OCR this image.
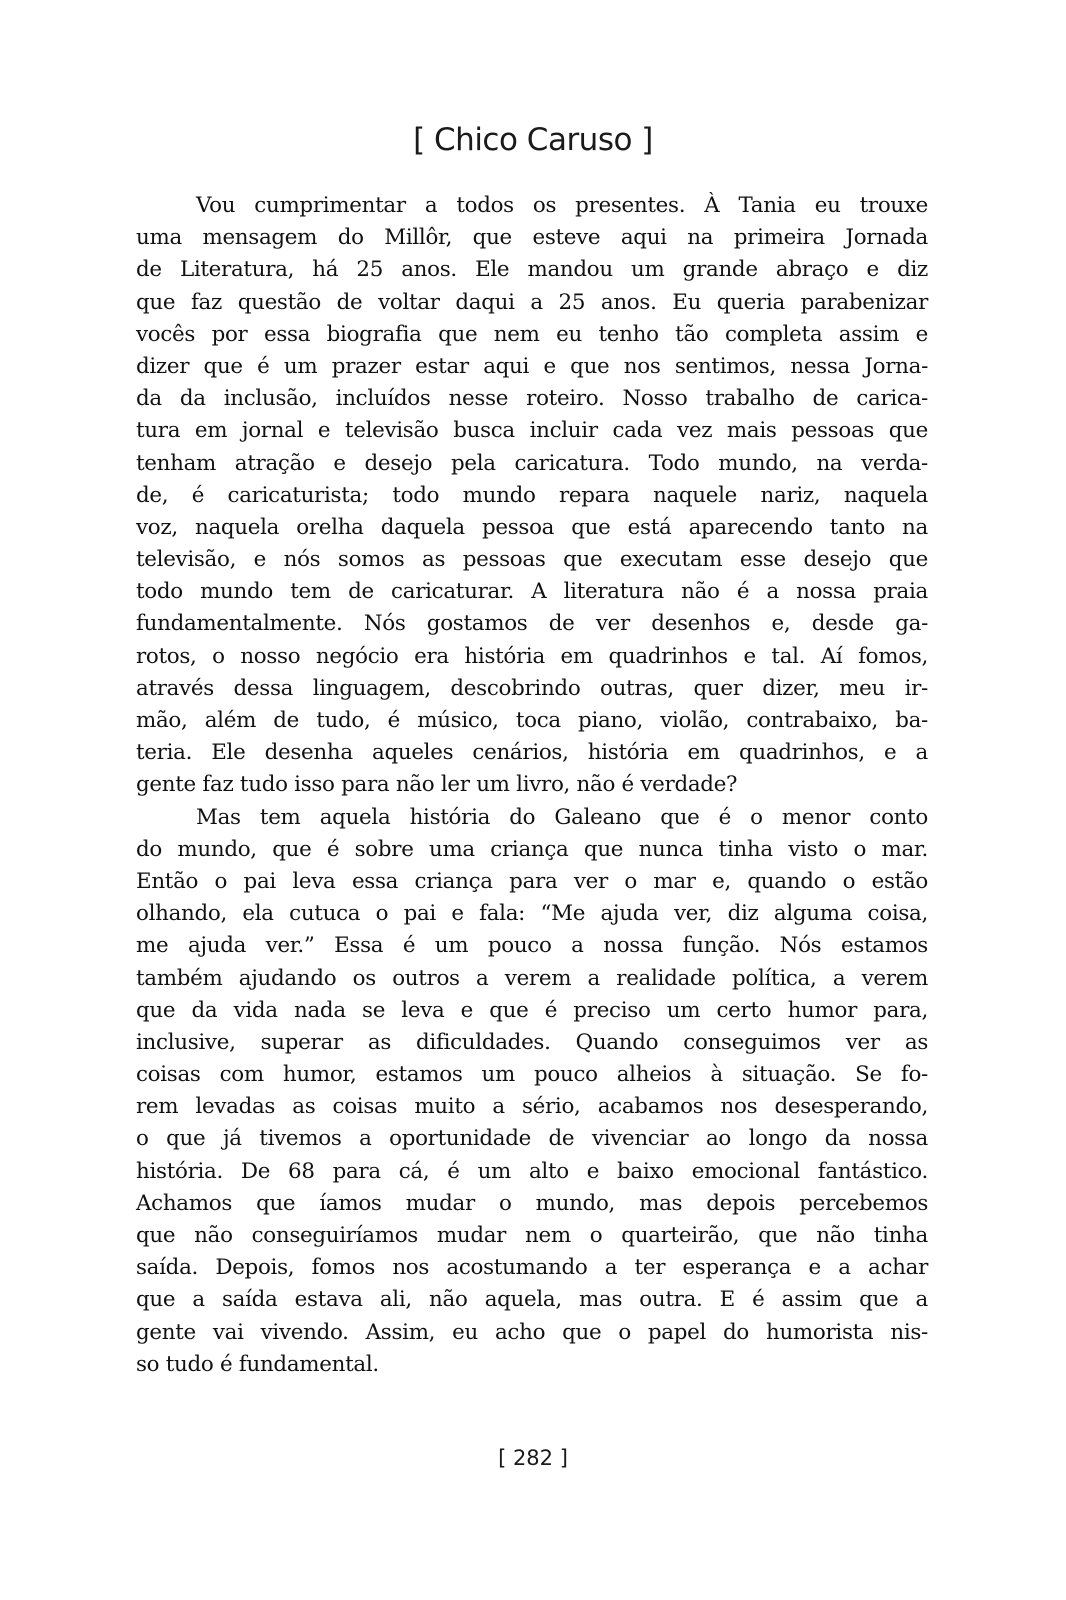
[ Chico Caruso ]
Vou cumprimentar a todos os presentes. À Tania eu trouxe
uma mensagem do Millôr, que esteve aqui na primeira Jornada
de Literatura, há 25 anos. Ele mandou um grande abraço e diz
que faz questão de voltar daqui a 25 anos. Eu queria parabenizar
vocês por essa biografia que nem eu tenho tão completa assim e
dizer que é um prazer estar aqui e que nos sentimos, nessa Jorna-
da da inclusão, incluídos nesse roteiro. Nosso trabalho de carica-
tura em jornal e televisão busca incluir cada vez mais pessoas que
tenham atração e desejo pela caricatura. Todo mundo, na verda-
de, é caricaturista; todo mundo repara naquele nariz, naquela
voz, naquela orelha daquela pessoa que está aparecendo tanto na
televisão, e nós somos as pessoas que executam esse desejo que
todo mundo tem de caricaturar. A literatura não é a nossa praia
fundamentalmente. Nós gostamos de ver desenhos e, desde ga-
rotos, o nosso negócio era história em quadrinhos e tal. Aí fomos,
através dessa linguagem, descobrindo outras, quer dizer, meu ir-
mão, além de tudo, é músico, toca piano, violão, contrabaixo, ba-
teria. Ele desenha aqueles cenários, história em quadrinhos, e a
gente faz tudo isso para não ler um livro, não é verdade?
Mas tem aquela história do Galeano que é o menor conto
do mundo, que é sobre uma criança que nunca tinha visto o mar.
Então o pai leva essa criança para ver o mar e, quando o estão
olhando, ela cutuca o pai e fala: “Me ajuda ver, diz alguma coisa,
me ajuda ver.” Essa é um pouco a nossa função. Nós estamos
também ajudando os outros a verem a realidade política, a verem
que da vida nada se leva e que é preciso um certo humor para,
inclusive, superar as dificuldades. Quando conseguimos ver as
coisas com humor, estamos um pouco alheios à situação. Se fo-
rem levadas as coisas muito a sério, acabamos nos desesperando,
o que já tivemos a oportunidade de vivenciar ao longo da nossa
história. De 68 para cá, é um alto e baixo emocional fantástico.
Achamos que íamos mudar o mundo, mas depois percebemos
que não conseguiríamos mudar nem o quarteirão, que não tinha
saída. Depois, fomos nos acostumando a ter esperança e a achar
que a saída estava ali, não aquela, mas outra. E é assim que a
gente vai vivendo. Assim, eu acho que o papel do humorista nis-
so tudo é fundamental.
[ 282 ]
